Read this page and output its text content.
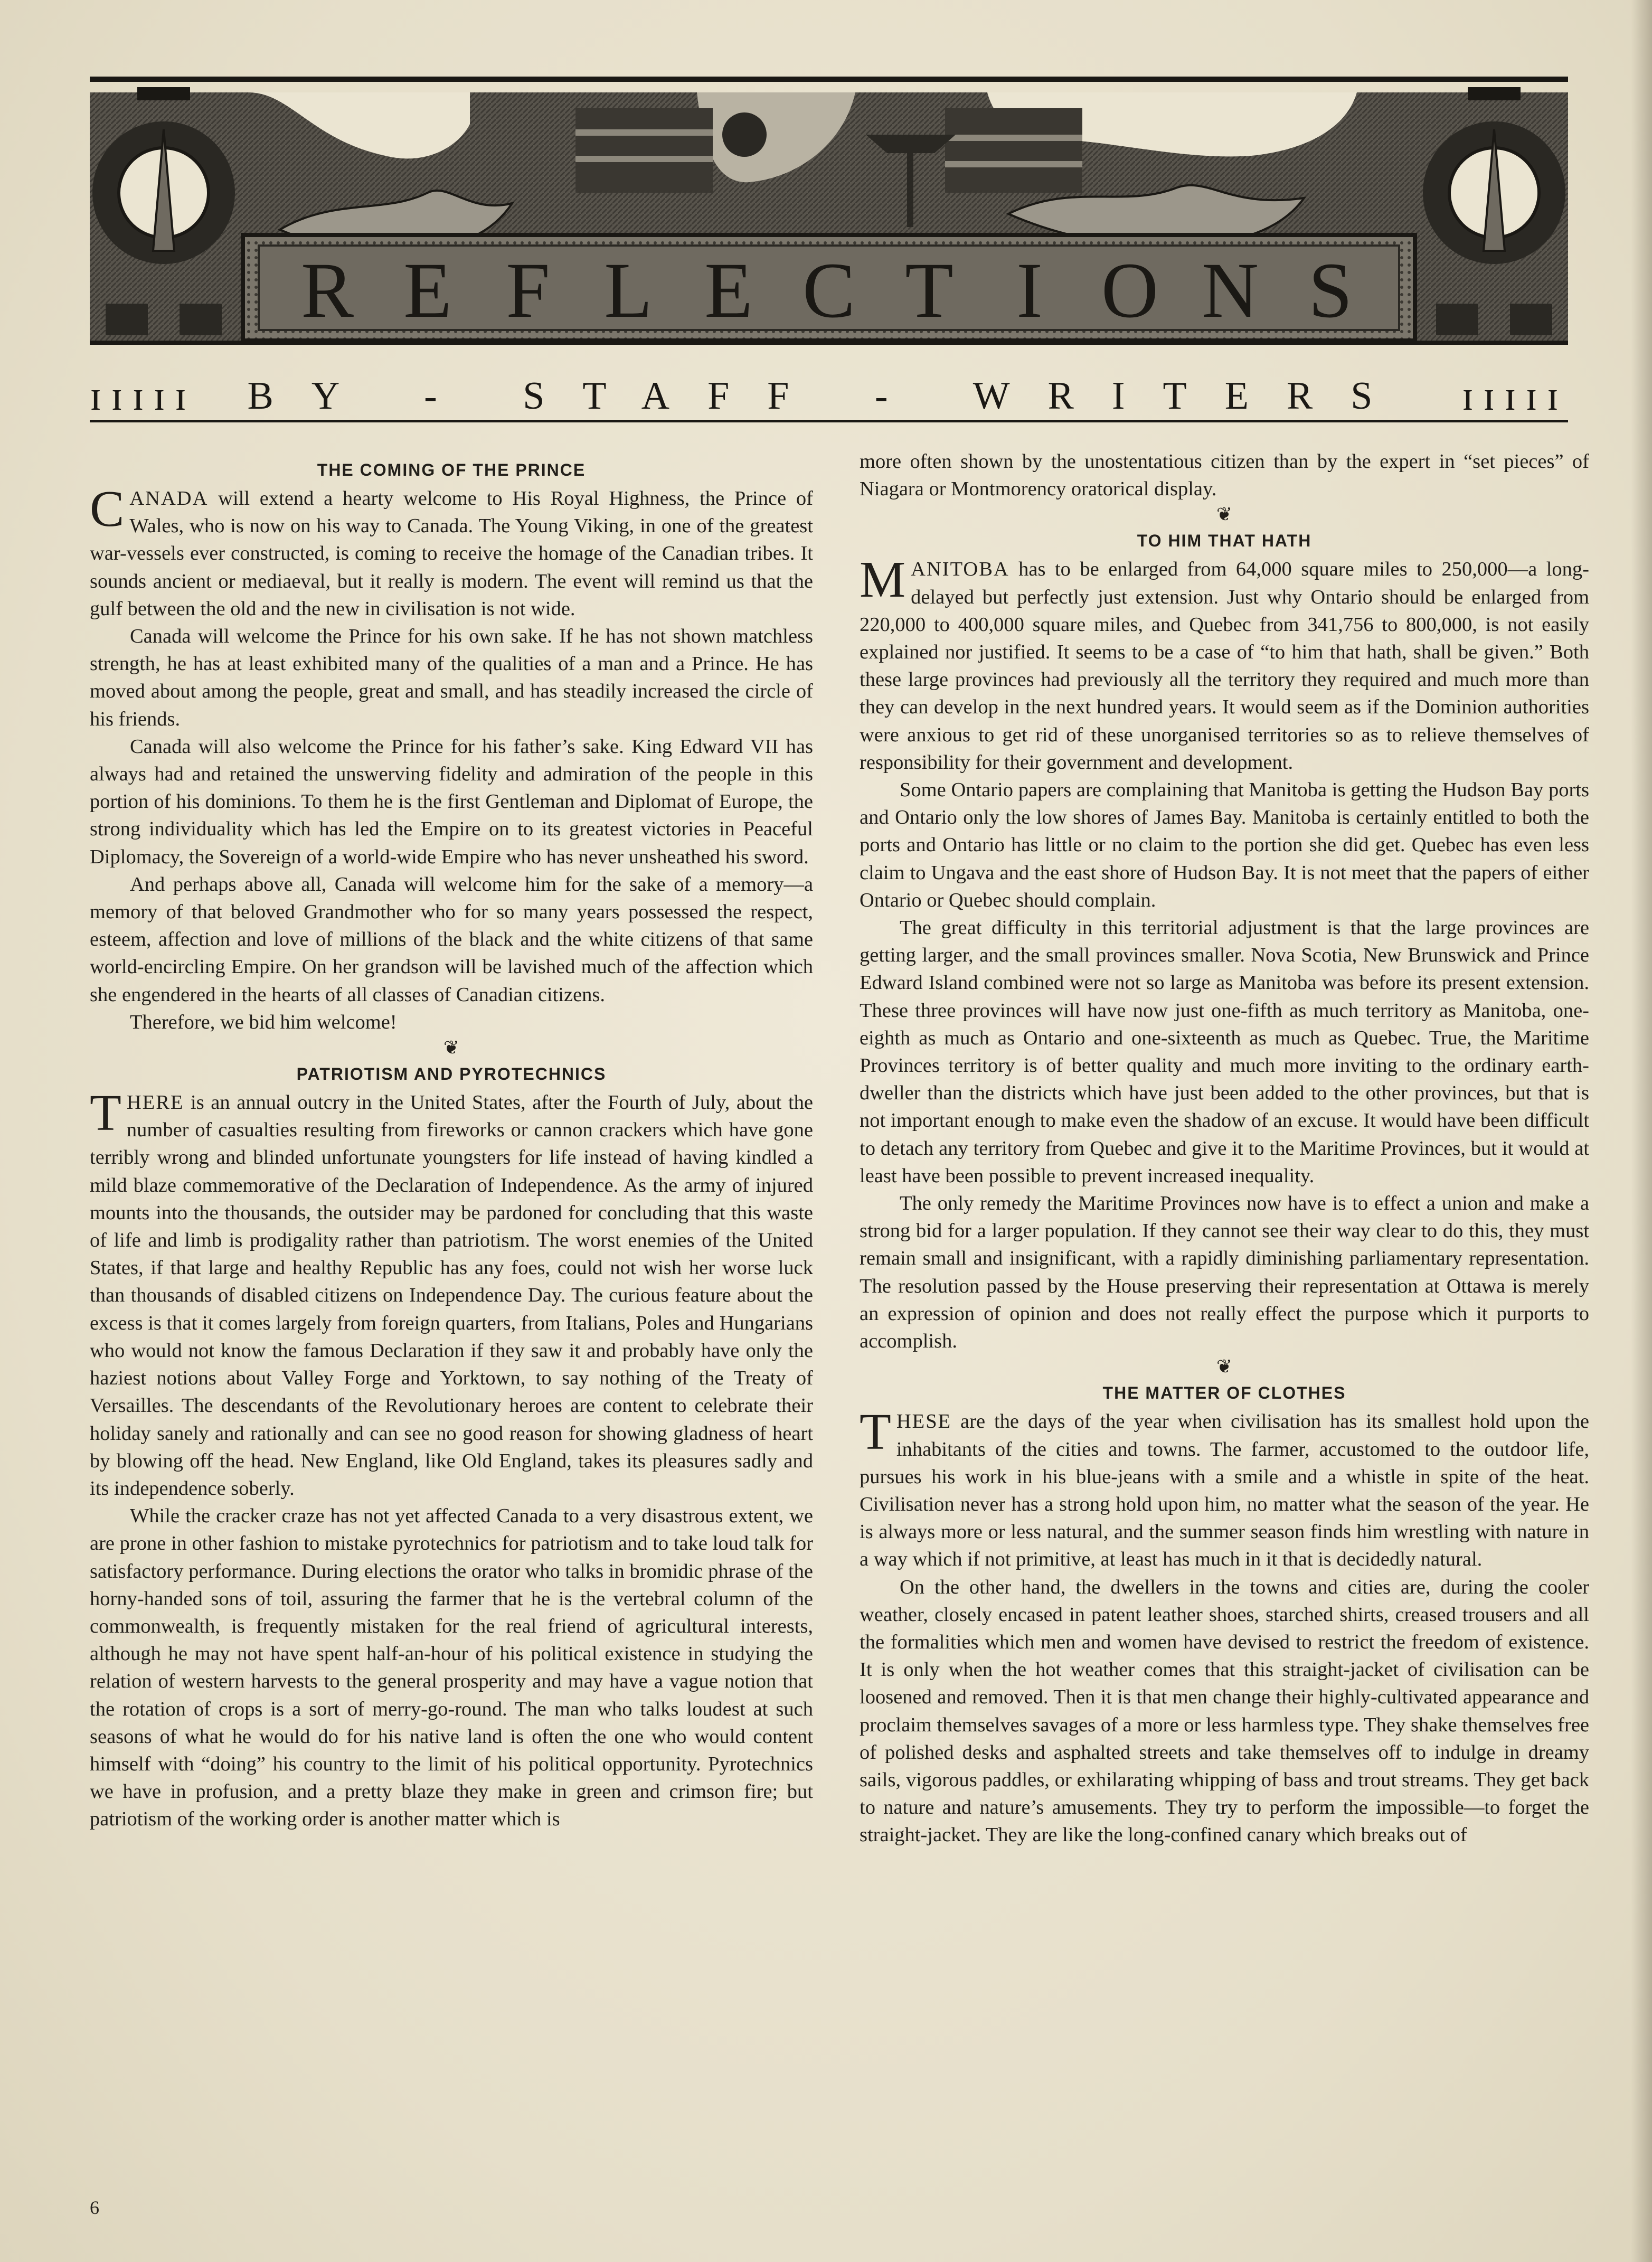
R E F L E C T I O N S
ɪɪɪɪɪ	BY - STAFF - WRITERS	ɪɪɪɪɪ
THE COMING OF THE PRINCE

CANADA will extend a hearty welcome to His Royal Highness, the Prince of Wales, who is now on his way to Canada. The Young Viking, in one of the greatest war-vessels ever constructed, is coming to receive the homage of the Canadian tribes. It sounds ancient or mediaeval, but it really is modern. The event will remind us that the gulf between the old and the new in civilisation is not wide.

Canada will welcome the Prince for his own sake. If he has not shown matchless strength, he has at least exhibited many of the qualities of a man and a Prince. He has moved about among the people, great and small, and has steadily increased the circle of his friends.

Canada will also welcome the Prince for his father’s sake. King Edward VII has always had and retained the unswerving fidelity and admiration of the people in this portion of his dominions. To them he is the first Gentleman and Diplomat of Europe, the strong individuality which has led the Empire on to its greatest victories in Peaceful Diplomacy, the Sovereign of a world-wide Empire who has never unsheathed his sword.

And perhaps above all, Canada will welcome him for the sake of a memory—a memory of that beloved Grandmother who for so many years possessed the respect, esteem, affection and love of millions of the black and the white citizens of that same world-encircling Empire. On her grandson will be lavished much of the affection which she engendered in the hearts of all classes of Canadian citizens.

Therefore, we bid him welcome!

❦
PATRIOTISM AND PYROTECHNICS

THERE is an annual outcry in the United States, after the Fourth of July, about the number of casualties resulting from fireworks or cannon crackers which have gone terribly wrong and blinded unfortunate youngsters for life instead of having kindled a mild blaze commemorative of the Declaration of Independence. As the army of injured mounts into the thousands, the outsider may be pardoned for concluding that this waste of life and limb is prodigality rather than patriotism. The worst enemies of the United States, if that large and healthy Republic has any foes, could not wish her worse luck than thousands of disabled citizens on Independence Day. The curious feature about the excess is that it comes largely from foreign quarters, from Italians, Poles and Hungarians who would not know the famous Declaration if they saw it and probably have only the haziest notions about Valley Forge and Yorktown, to say nothing of the Treaty of Versailles. The descendants of the Revolutionary heroes are content to celebrate their holiday sanely and rationally and can see no good reason for showing gladness of heart by blowing off the head. New England, like Old England, takes its pleasures sadly and its independence soberly.

While the cracker craze has not yet affected Canada to a very disastrous extent, we are prone in other fashion to mistake pyrotechnics for patriotism and to take loud talk for satisfactory performance. During elections the orator who talks in bromidic phrase of the horny-handed sons of toil, assuring the farmer that he is the vertebral column of the commonwealth, is frequently mistaken for the real friend of agricultural interests, although he may not have spent half-an-hour of his political existence in studying the relation of western harvests to the general prosperity and may have a vague notion that the rotation of crops is a sort of merry-go-round. The man who talks loudest at such seasons of what he would do for his native land is often the one who would content himself with “doing” his country to the limit of his political opportunity. Pyrotechnics we have in profusion, and a pretty blaze they make in green and crimson fire; but patriotism of the working order is another matter which is

more often shown by the unostentatious citizen than by the expert in “set pieces” of Niagara or Montmorency oratorical display.

❦
TO HIM THAT HATH

MANITOBA has to be enlarged from 64,000 square miles to 250,000—a long-delayed but perfectly just extension. Just why Ontario should be enlarged from 220,000 to 400,000 square miles, and Quebec from 341,756 to 800,000, is not easily explained nor justified. It seems to be a case of “to him that hath, shall be given.” Both these large provinces had previously all the territory they required and much more than they can develop in the next hundred years. It would seem as if the Dominion authorities were anxious to get rid of these unorganised territories so as to relieve themselves of responsibility for their government and development.

Some Ontario papers are complaining that Manitoba is getting the Hudson Bay ports and Ontario only the low shores of James Bay. Manitoba is certainly entitled to both the ports and Ontario has little or no claim to the portion she did get. Quebec has even less claim to Ungava and the east shore of Hudson Bay. It is not meet that the papers of either Ontario or Quebec should complain.

The great difficulty in this territorial adjustment is that the large provinces are getting larger, and the small provinces smaller. Nova Scotia, New Brunswick and Prince Edward Island combined were not so large as Manitoba was before its present extension. These three provinces will have now just one-fifth as much territory as Manitoba, one-eighth as much as Ontario and one-sixteenth as much as Quebec. True, the Maritime Provinces territory is of better quality and much more inviting to the ordinary earth-dweller than the districts which have just been added to the other provinces, but that is not important enough to make even the shadow of an excuse. It would have been difficult to detach any territory from Quebec and give it to the Maritime Provinces, but it would at least have been possible to prevent increased inequality.

The only remedy the Maritime Provinces now have is to effect a union and make a strong bid for a larger population. If they cannot see their way clear to do this, they must remain small and insignificant, with a rapidly diminishing parliamentary representation. The resolution passed by the House preserving their representation at Ottawa is merely an expression of opinion and does not really effect the purpose which it purports to accomplish.

❦
THE MATTER OF CLOTHES

THESE are the days of the year when civilisation has its smallest hold upon the inhabitants of the cities and towns. The farmer, accustomed to the outdoor life, pursues his work in his blue-jeans with a smile and a whistle in spite of the heat. Civilisation never has a strong hold upon him, no matter what the season of the year. He is always more or less natural, and the summer season finds him wrestling with nature in a way which if not primitive, at least has much in it that is decidedly natural.

On the other hand, the dwellers in the towns and cities are, during the cooler weather, closely encased in patent leather shoes, starched shirts, creased trousers and all the formalities which men and women have devised to restrict the freedom of existence. It is only when the hot weather comes that this straight-jacket of civilisation can be loosened and removed. Then it is that men change their highly-cultivated appearance and proclaim themselves savages of a more or less harmless type. They shake themselves free of polished desks and asphalted streets and take themselves off to indulge in dreamy sails, vigorous paddles, or exhilarating whipping of bass and trout streams. They get back to nature and nature’s amusements. They try to perform the impossible—to forget the straight-jacket. They are like the long-confined canary which breaks out of

6
